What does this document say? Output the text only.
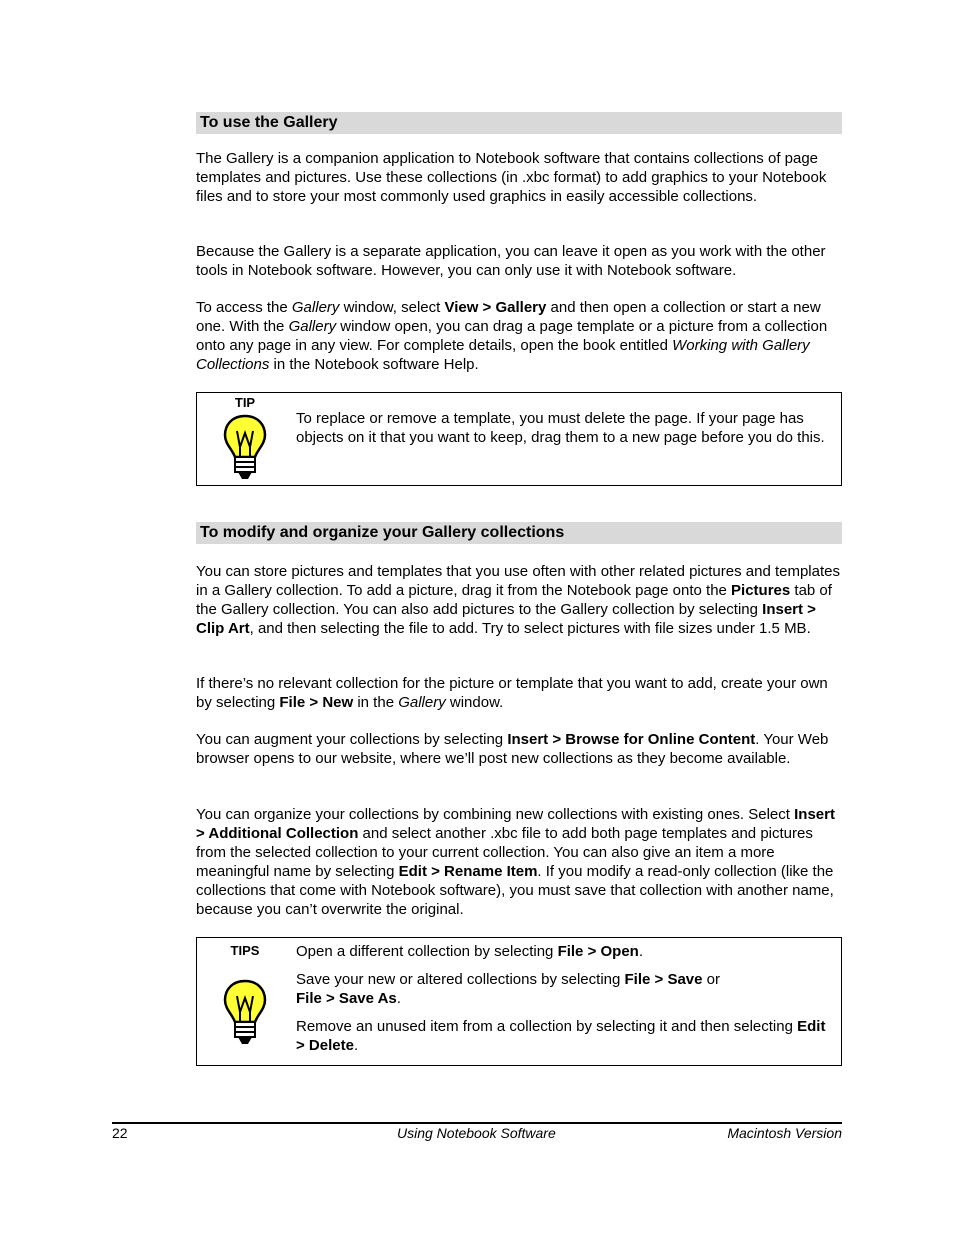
To use the Gallery

The Gallery is a companion application to Notebook software that contains collections of page templates and pictures. Use these collections (in .xbc format) to add graphics to your Notebook files and to store your most commonly used graphics in easily accessible collections.

Because the Gallery is a separate application, you can leave it open as you work with the other tools in Notebook software. However, you can only use it with Notebook software.

To access the Gallery window, select View > Gallery and then open a collection or start a new one. With the Gallery window open, you can drag a page template or a picture from a collection onto any page in any view. For complete details, open the book entitled Working with Gallery Collections in the Notebook software Help.

TIP

To replace or remove a template, you must delete the page. If your page has objects on it that you want to keep, drag them to a new page before you do this.

To modify and organize your Gallery collections

You can store pictures and templates that you use often with other related pictures and templates in a Gallery collection. To add a picture, drag it from the Notebook page onto the Pictures tab of the Gallery collection. You can also add pictures to the Gallery collection by selecting Insert > Clip Art, and then selecting the file to add. Try to select pictures with file sizes under 1.5 MB.

If there’s no relevant collection for the picture or template that you want to add, create your own by selecting File > New in the Gallery window.

You can augment your collections by selecting Insert > Browse for Online Content. Your Web browser opens to our website, where we’ll post new collections as they become available.

You can organize your collections by combining new collections with existing ones. Select Insert > Additional Collection and select another .xbc file to add both page templates and pictures from the selected collection to your current collection. You can also give an item a more meaningful name by selecting Edit > Rename Item. If you modify a read-only collection (like the collections that come with Notebook software), you must save that collection with another name, because you can’t overwrite the original.

TIPS	Open a different collection by selecting File > Open.

Save your new or altered collections by selecting File > Save or
File > Save As.

Remove an unused item from a collection by selecting it and then selecting Edit > Delete.

22	Using Notebook Software	Macintosh Version
